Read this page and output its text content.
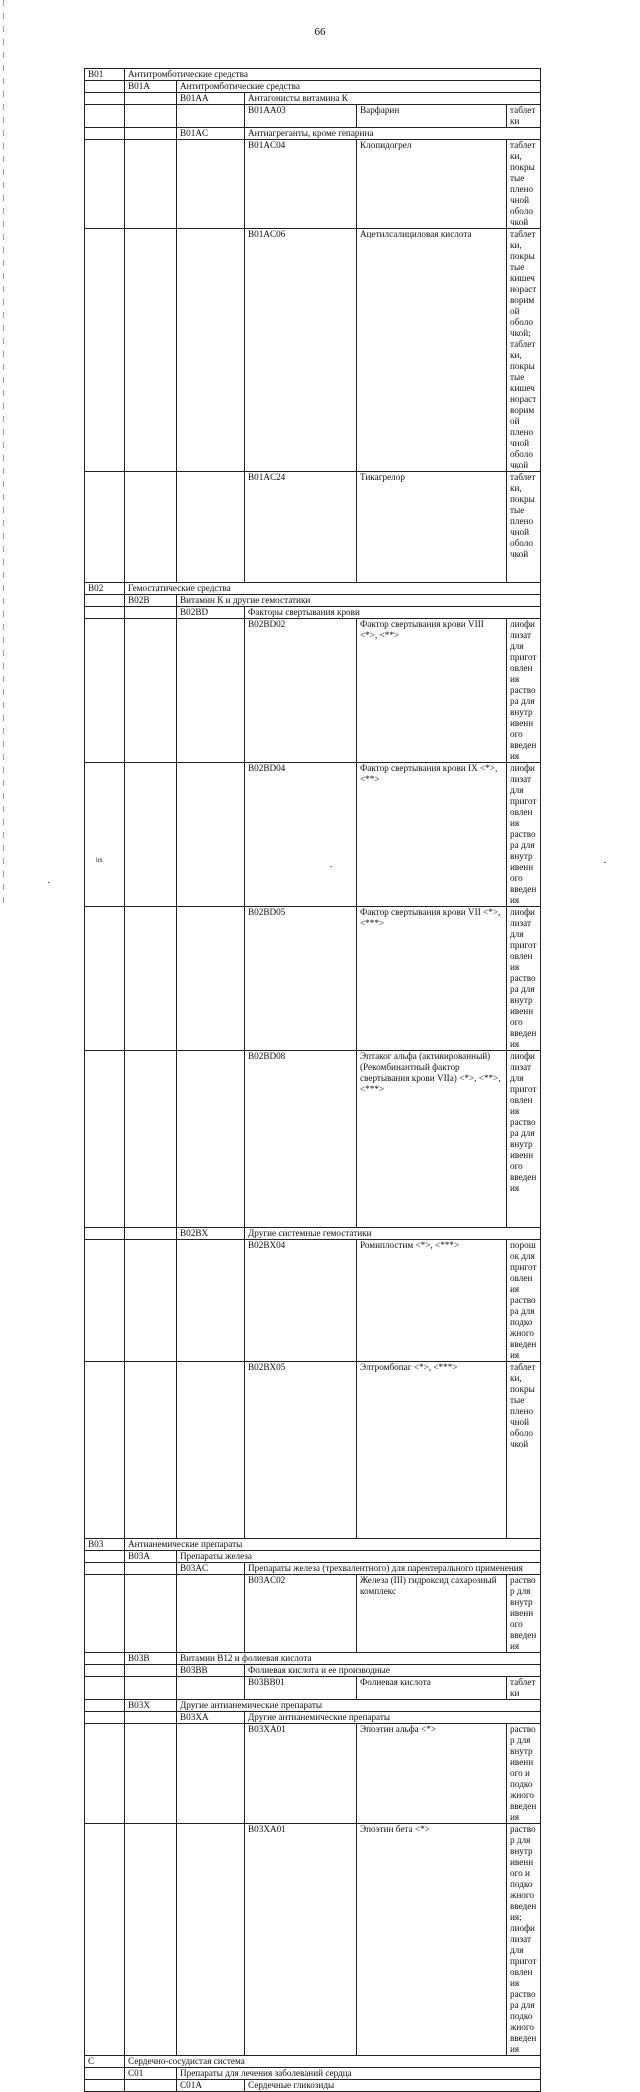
66
B01	Антитромботические средства					
	B01A	Антитромботические средства				
		B01AA	Антагонисты витамина К			
			B01AA03	Варфарин	таблетки	
		B01AC	Антиагреганты, кроме гепарина			
			B01AC04	Клопидогрел	таблетки, покрытые пленочной оболочкой	
			B01AC06	Ацетилсалициловая кислота	таблетки, покрытые кишечнорастворимой оболочкой; таблетки, покрытые кишечнорастворимой пленочной оболочкой	
			B01AC24	Тикагрелор	таблетки, покрытые пленочной оболочкой	
B02	Гемостатические средства					
	B02B	Витамин К и другие гемостатики				
		B02BD	Факторы свертывания крови			
			B02BD02	Фактор свертывания крови VIII <*>, <**>	лиофилизат для приготовления раствора для внутривенного введения	
			B02BD04	Фактор свертывания крови IX <*>, <**>	лиофилизат для приготовления раствора для внутривенного введения	
			B02BD05	Фактор свертывания крови VII <*>, <***>	лиофилизат для приготовления раствора для внутривенного введения	
			B02BD08	Эптаког альфа (активированный) (Рекомбинантный фактор свертывания крови VIIa) <*>, <**>, <***>	лиофилизат для приготовления раствора для внутривенного введения	
		B02BX	Другие системные гемостатики			
			B02BX04	Ромиплостим <*>, <***>	порошок для приготовления раствора для подкожного введения	
			B02BX05	Элтромбопаг <*>, <***>	таблетки, покрытые пленочной оболочкой	
B03	Антианемические препараты					
	B03A	Препараты железа				
		B03AC	Препараты железа (трехвалентного) для парентерального применения			
			B03AC02	Железа (III) гидроксид сахарозный комплекс	раствор для внутривенного введения	
	B03B	Витамин В12 и фолиевая кислота				
		B03BB	Фолиевая кислота и ее производные			
			B03BB01	Фолиевая кислота	таблетки	
	B03X	Другие антианемические препараты				
		B03XA	Другие антианемические препараты			
			B03XA01	Эпоэтин альфа <*>	раствор для внутривенного и подкожного введения	
			B03XA01	Эпоэтин бета <*>	раствор для внутривенного и подкожного введения; лиофилизат для приготовления раствора для подкожного введения	
C	Сердечно-сосудистая система					
	C01	Препараты для лечения заболеваний сердца				
		C01A	Сердечные гликозиды			
ltS
